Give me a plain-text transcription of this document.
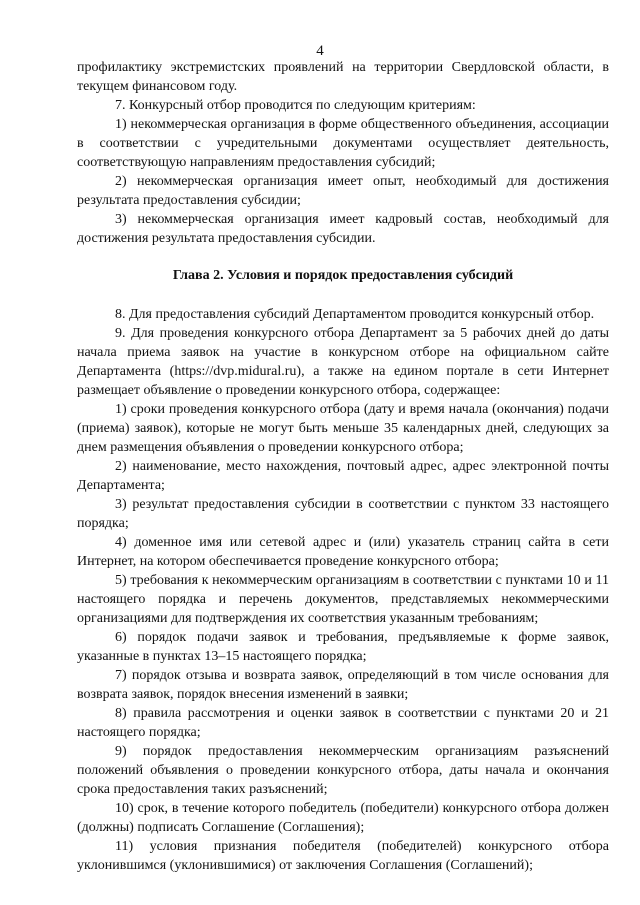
4

профилактику экстремистских проявлений на территории Свердловской области, в текущем финансовом году.

7. Конкурсный отбор проводится по следующим критериям:

1) некоммерческая организация в форме общественного объединения, ассоциации в соответствии с учредительными документами осуществляет деятельность, соответствующую направлениям предоставления субсидий;

2) некоммерческая организация имеет опыт, необходимый для достижения результата предоставления субсидии;

3) некоммерческая организация имеет кадровый состав, необходимый для достижения результата предоставления субсидии.

Глава 2. Условия и порядок предоставления субсидий

8. Для предоставления субсидий Департаментом проводится конкурсный отбор.

9. Для проведения конкурсного отбора Департамент за 5 рабочих дней до даты начала приема заявок на участие в конкурсном отборе на официальном сайте Департамента (https://dvp.midural.ru), а также на едином портале в сети Интернет размещает объявление о проведении конкурсного отбора, содержащее:

1) сроки проведения конкурсного отбора (дату и время начала (окончания) подачи (приема) заявок), которые не могут быть меньше 35 календарных дней, следующих за днем размещения объявления о проведении конкурсного отбора;

2) наименование, место нахождения, почтовый адрес, адрес электронной почты Департамента;

3) результат предоставления субсидии в соответствии с пунктом 33 настоящего порядка;

4) доменное имя или сетевой адрес и (или) указатель страниц сайта в сети Интернет, на котором обеспечивается проведение конкурсного отбора;

5) требования к некоммерческим организациям в соответствии с пунктами 10 и 11 настоящего порядка и перечень документов, представляемых некоммерческими организациями для подтверждения их соответствия указанным требованиям;

6) порядок подачи заявок и требования, предъявляемые к форме заявок, указанные в пунктах 13–15 настоящего порядка;

7) порядок отзыва и возврата заявок, определяющий в том числе основания для возврата заявок, порядок внесения изменений в заявки;

8) правила рассмотрения и оценки заявок в соответствии с пунктами 20 и 21 настоящего порядка;

9) порядок предоставления некоммерческим организациям разъяснений положений объявления о проведении конкурсного отбора, даты начала и окончания срока предоставления таких разъяснений;

10) срок, в течение которого победитель (победители) конкурсного отбора должен (должны) подписать Соглашение (Соглашения);

11) условия признания победителя (победителей) конкурсного отбора уклонившимся (уклонившимися) от заключения Соглашения (Соглашений);
